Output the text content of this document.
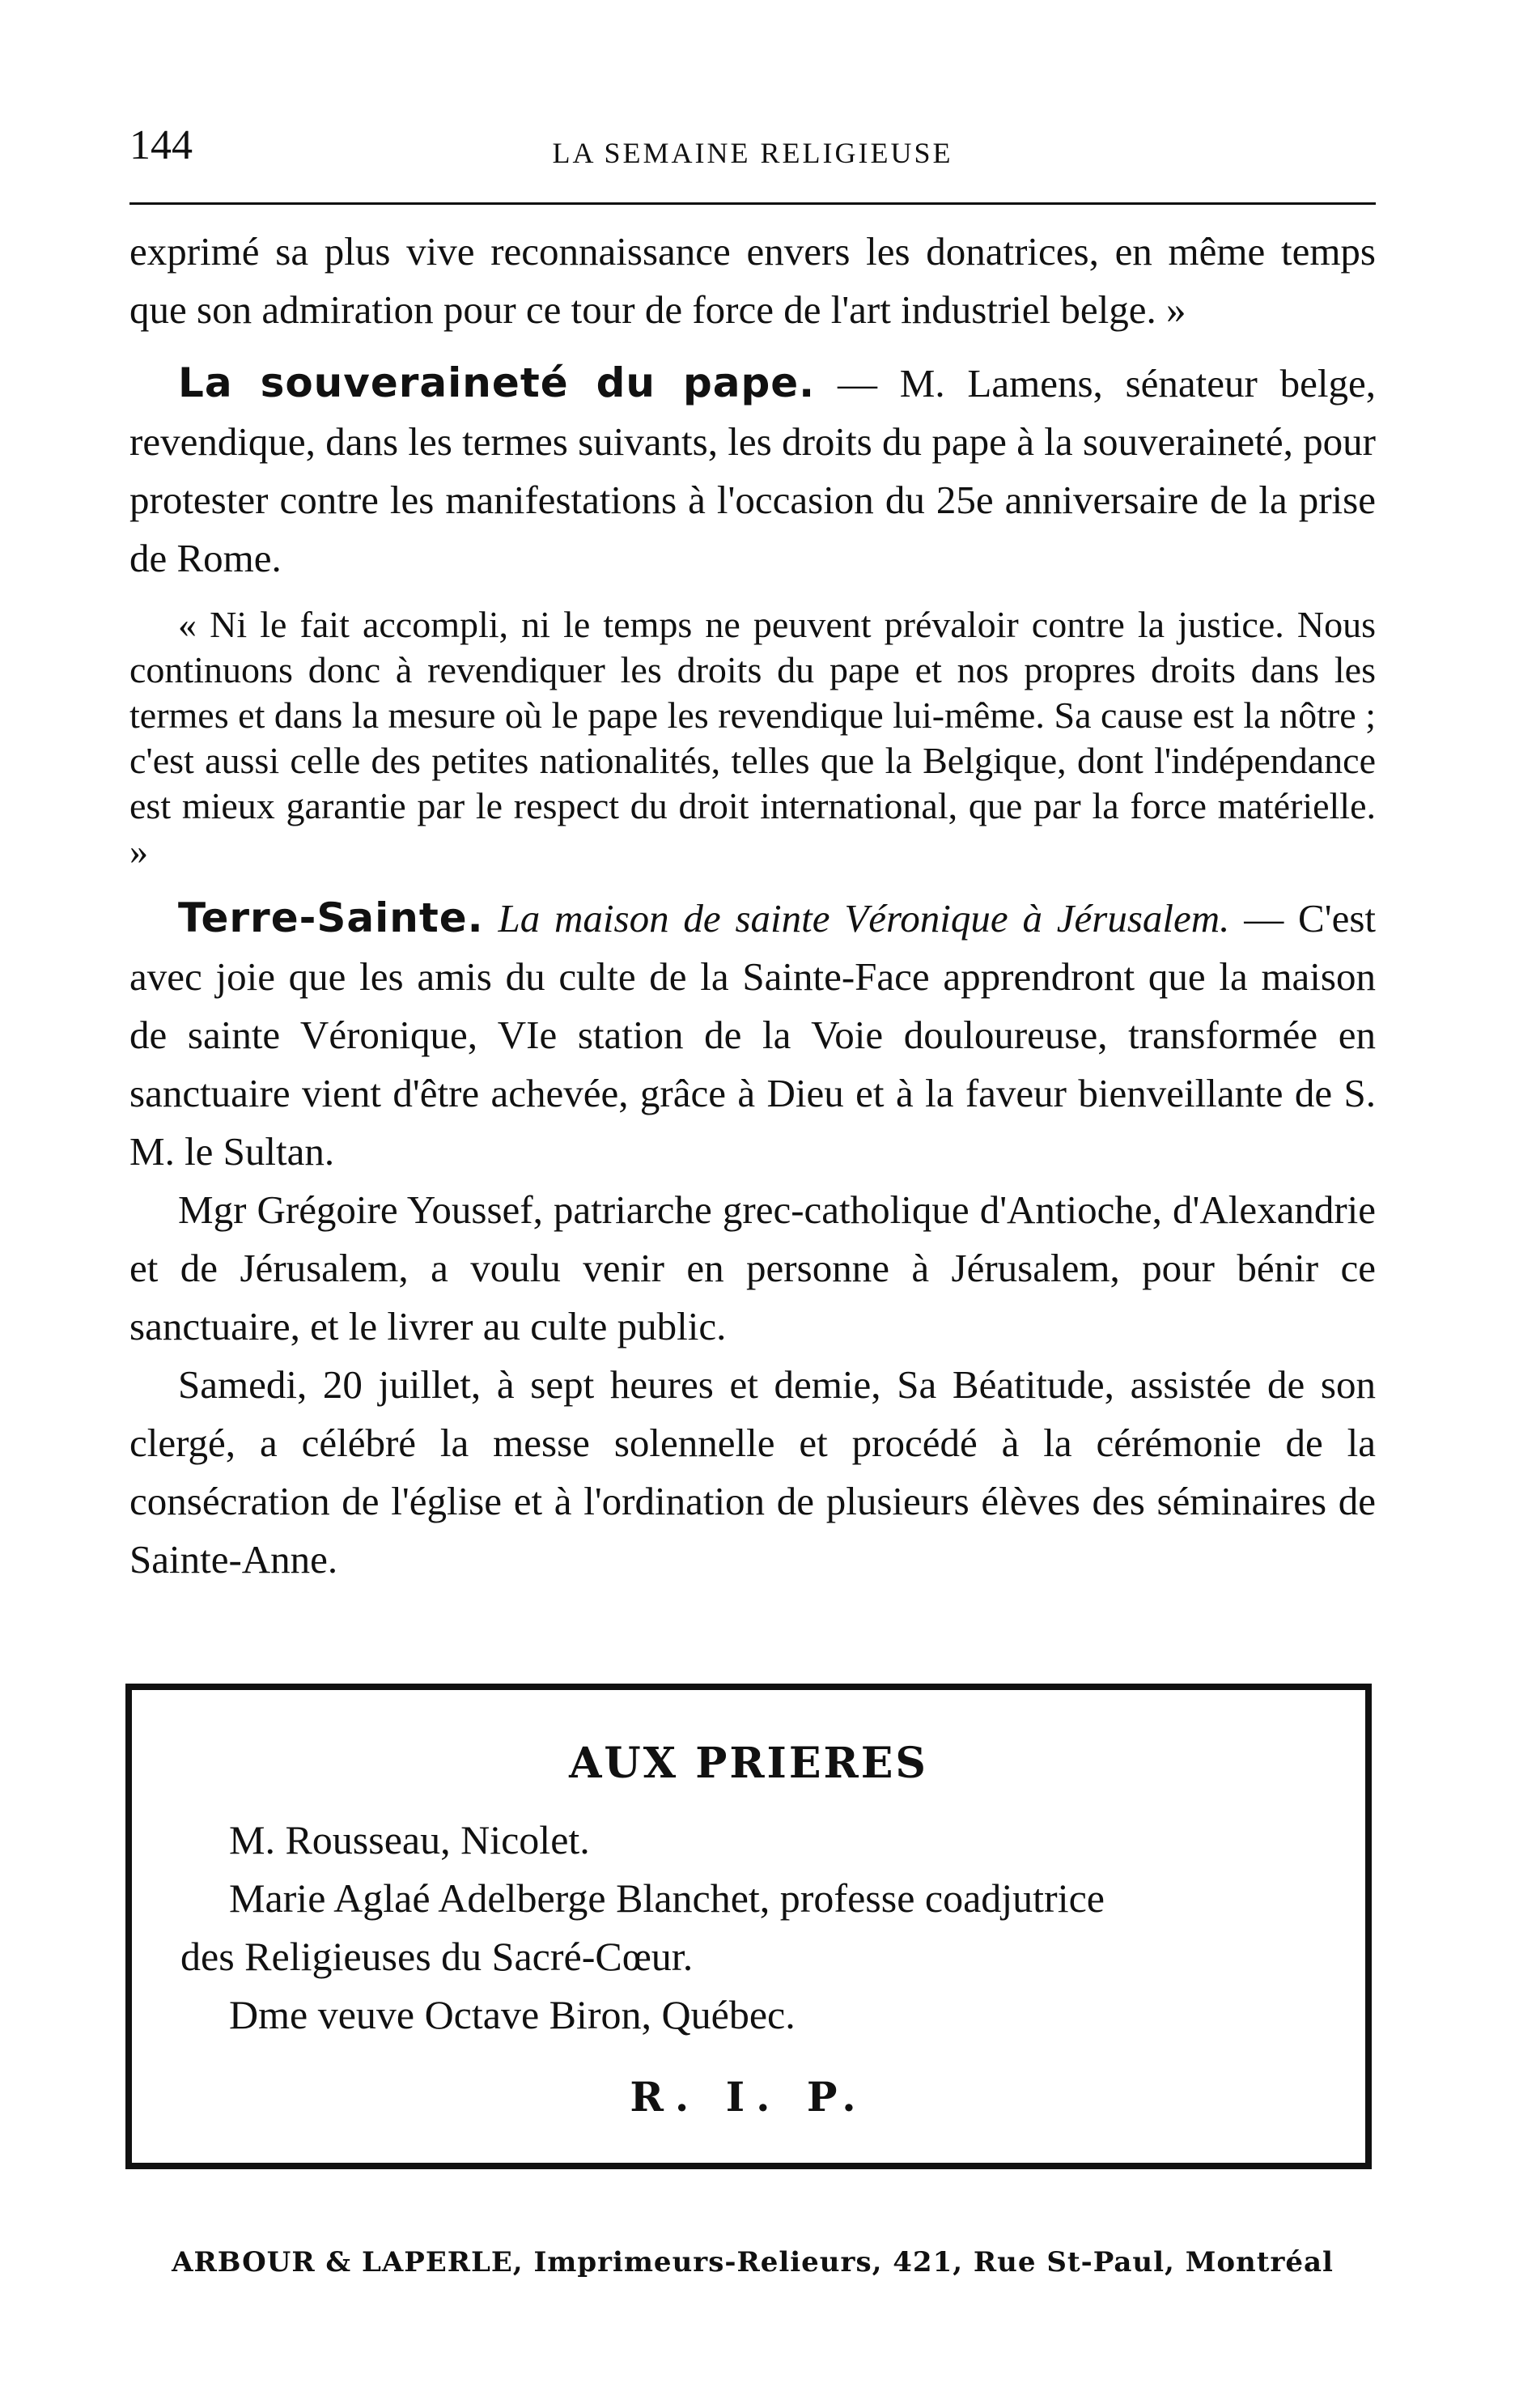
144	LA SEMAINE RELIGIEUSE

exprimé sa plus vive reconnaissance envers les donatrices, en même temps que son admiration pour ce tour de force de l'art industriel belge. »

La souveraineté du pape. — M. Lamens, sénateur belge, revendique, dans les termes suivants, les droits du pape à la souveraineté, pour protester contre les manifestations à l'occasion du 25e anniversaire de la prise de Rome.

« Ni le fait accompli, ni le temps ne peuvent prévaloir contre la justice. Nous continuons donc à revendiquer les droits du pape et nos propres droits dans les termes et dans la mesure où le pape les revendique lui-même. Sa cause est la nôtre ; c'est aussi celle des petites nationalités, telles que la Belgique, dont l'indépendance est mieux garantie par le respect du droit international, que par la force matérielle. »

Terre-Sainte. La maison de sainte Véronique à Jérusalem. — C'est avec joie que les amis du culte de la Sainte-Face apprendront que la maison de sainte Véronique, VIe station de la Voie douloureuse, transformée en sanctuaire vient d'être achevée, grâce à Dieu et à la faveur bienveillante de S. M. le Sultan.

Mgr Grégoire Youssef, patriarche grec-catholique d'Antioche, d'Alexandrie et de Jérusalem, a voulu venir en personne à Jérusalem, pour bénir ce sanctuaire, et le livrer au culte public.

Samedi, 20 juillet, à sept heures et demie, Sa Béatitude, assistée de son clergé, a célébré la messe solennelle et procédé à la cérémonie de la consécration de l'église et à l'ordination de plusieurs élèves des séminaires de Sainte-Anne.

AUX PRIERES
M. Rousseau, Nicolet.
Marie Aglaé Adelberge Blanchet, professe coadjutrice
des Religieuses du Sacré-Cœur.
Dme veuve Octave Biron, Québec.
R. I. P.
ARBOUR & LAPERLE, Imprimeurs-Relieurs, 421, Rue St-Paul, Montréal
